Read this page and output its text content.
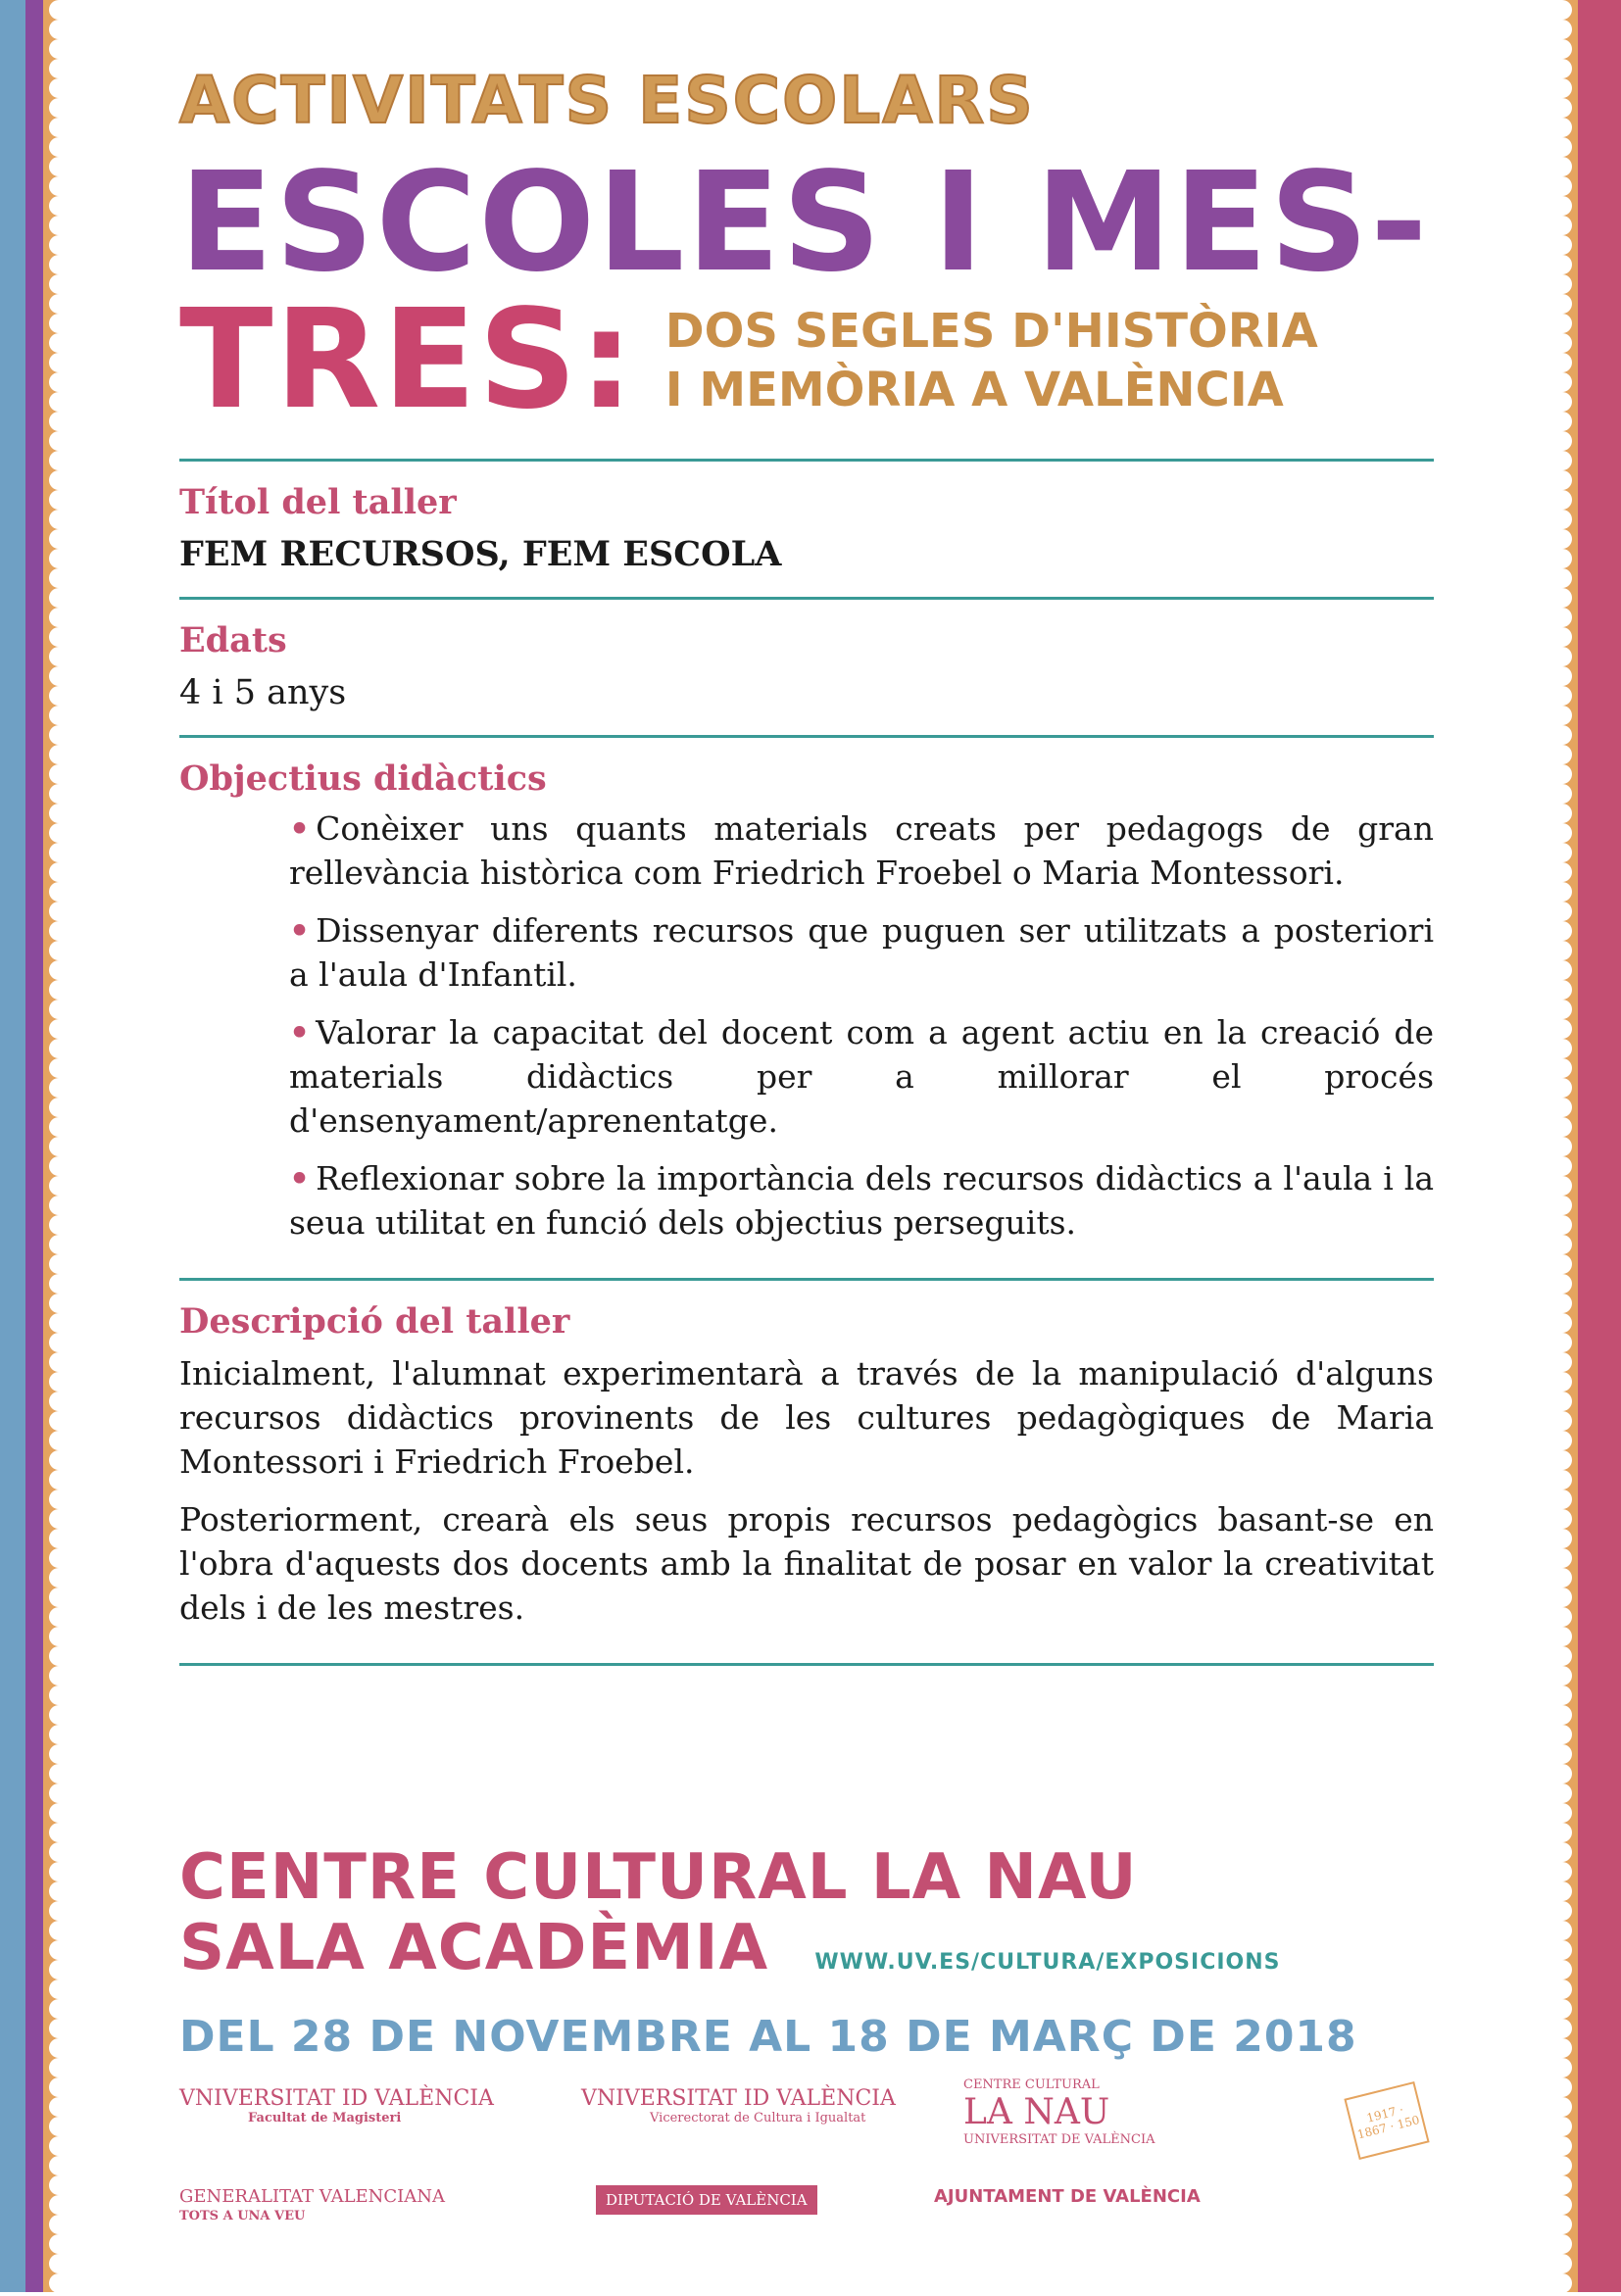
ACTIVITATS ESCOLARS
ESCOLES I MES-
TRES: DOS SEGLES D'HISTÒRIA
I MEMÒRIA A VALÈNCIA
Títol del taller
FEM RECURSOS, FEM ESCOLA
Edats
4 i 5 anys
Objectius didàctics
• Conèixer uns quants materials creats per pedagogs de gran rellevància històrica com Friedrich Froebel o Maria Montessori.
• Dissenyar diferents recursos que puguen ser utilitzats a posteriori a l'aula d'Infantil.
• Valorar la capacitat del docent com a agent actiu en la creació de materials didàctics per a millorar el procés d'ensenyament/aprenentatge.
• Reflexionar sobre la importància dels recursos didàctics a l'aula i la seua utilitat en funció dels objectius perseguits.
Descripció del taller

Inicialment, l'alumnat experimentarà a través de la manipulació d'alguns recursos didàctics provinents de les cultures pedagògiques de Maria Montessori i Friedrich Froebel.

Posteriorment, crearà els seus propis recursos pedagògics basant-se en l'obra d'aquests dos docents amb la finalitat de posar en valor la creativitat dels i de les mestres.

CENTRE CULTURAL LA NAU
SALA ACADÈMIA WWW.UV.ES/CULTURA/EXPOSICIONS
DEL 28 DE NOVEMBRE AL 18 DE MARÇ DE 2018
VNIVERSITAT ID VALÈNCIA
Facultat de Magisteri
VNIVERSITAT ID VALÈNCIA
Vicerectorat de Cultura i Igualtat
CENTRE CULTURAL
LA NAU
UNIVERSITAT DE VALÈNCIA
1917 · 1867 · 150
GENERALITAT VALENCIANA
TOTS A UNA VEU
DIPUTACIÓ DE VALÈNCIA	AJUNTAMENT DE VALÈNCIA
